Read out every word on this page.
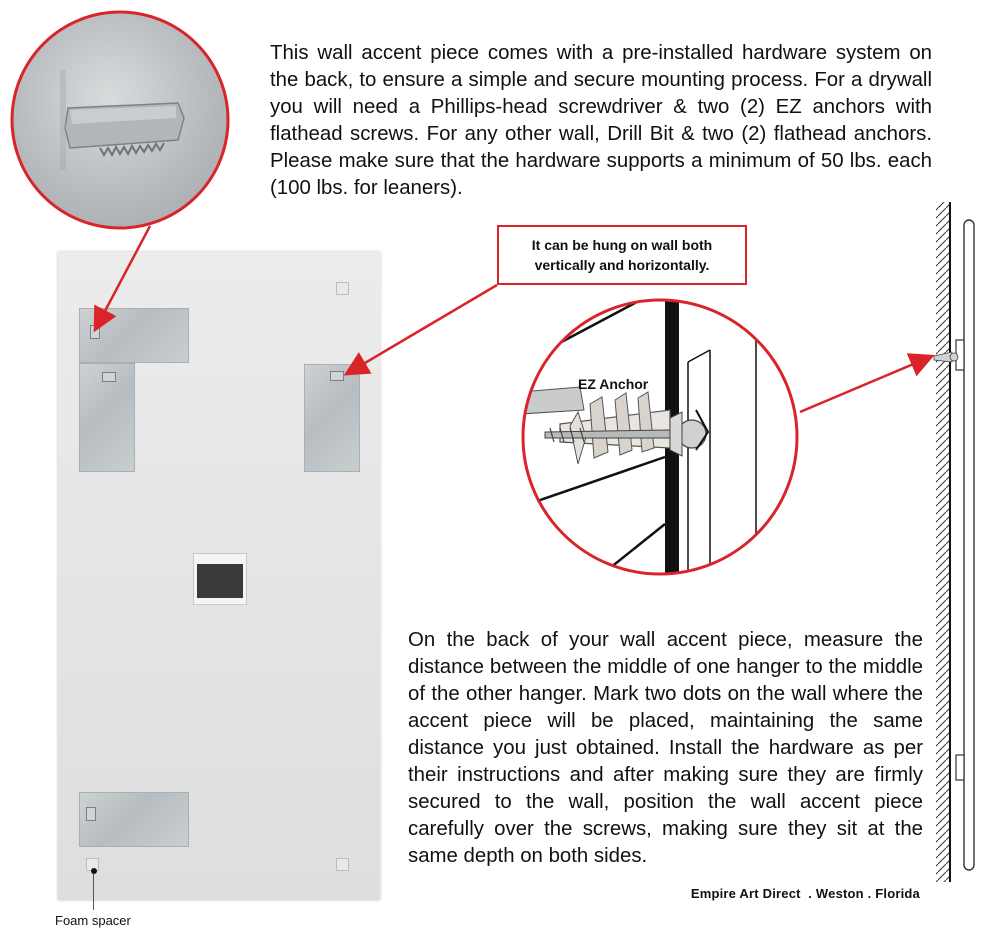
This wall accent piece comes with a pre-installed hardware system on the back, to ensure a simple and secure mounting process. For a drywall you will need a Phillips-head screwdriver & two (2) EZ anchors with flathead screws. For any other wall, Drill Bit & two (2) flathead anchors. Please make sure that the hardware supports a minimum of 50 lbs. each (100 lbs. for leaners).
Foam spacer
It can be hung on wall both vertically and horizontally.
EZ Anchor
On the back of your wall accent piece, measure the distance between the middle of one hanger to the middle of the other hanger. Mark two dots on the wall where the accent piece will be placed, maintaining the same distance you just obtained. Install the hardware as per their instructions and after making sure they are firmly secured to the wall, position the wall accent piece carefully over the screws, making sure they sit at the same depth on both sides.
Empire Art Direct  . Weston . Florida
